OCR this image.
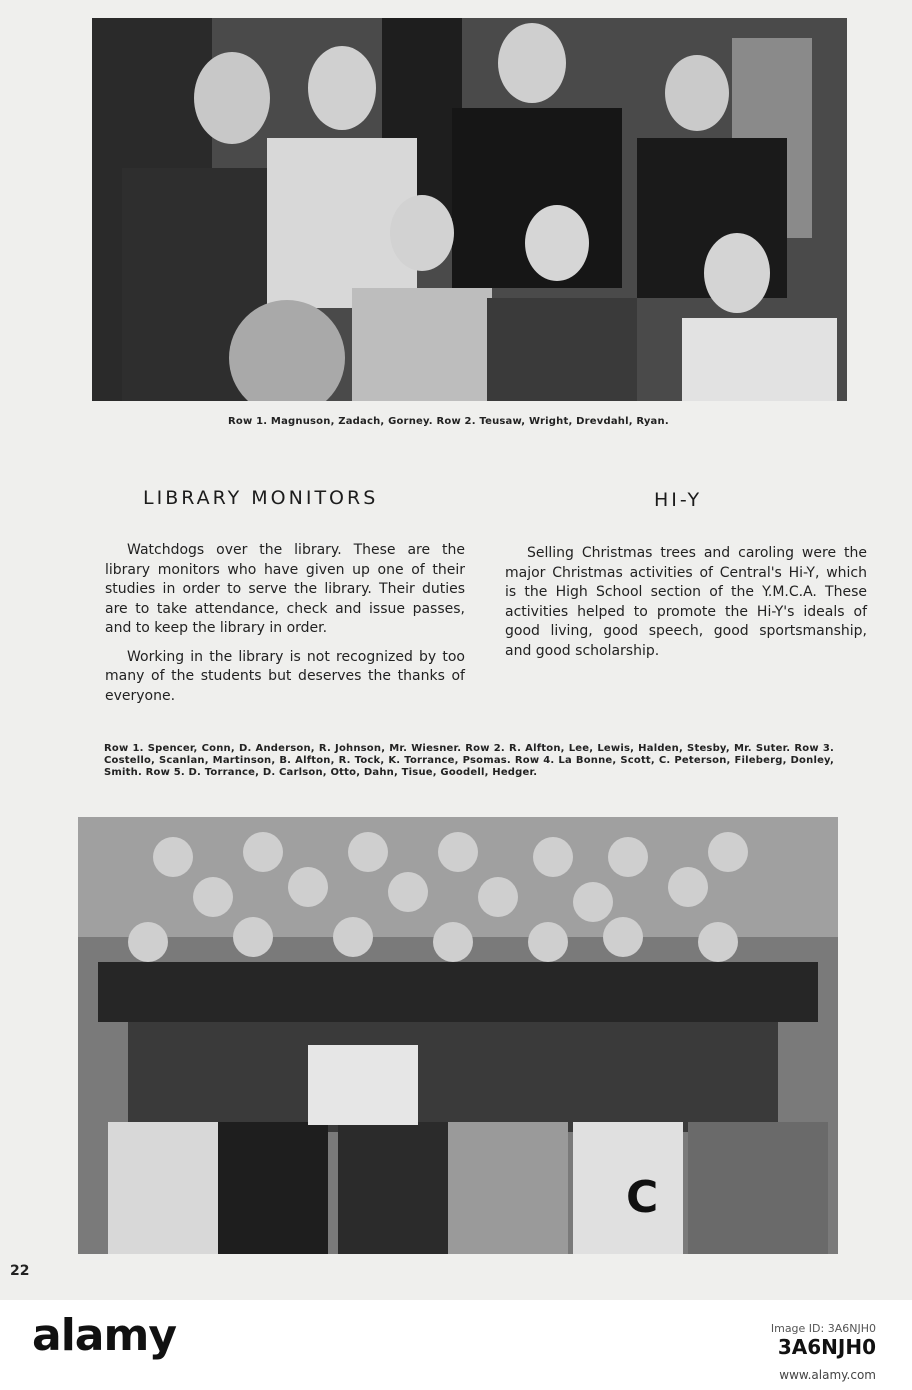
Row 1. Magnuson, Zadach, Gorney. Row 2. Teusaw, Wright, Drevdahl, Ryan.
LIBRARY MONITORS	HI-Y

Watchdogs over the library. These are the library monitors who have given up one of their studies in order to serve the library. Their duties are to take attendance, check and issue passes, and to keep the library in order.

Working in the library is not recognized by too many of the students but deserves the thanks of everyone.

Selling Christmas trees and caroling were the major Christmas activities of Central's Hi-Y, which is the High School section of the Y.M.C.A. These activities helped to promote the Hi-Y's ideals of good living, good speech, good sportsmanship, and good scholarship.

Row 1. Spencer, Conn, D. Anderson, R. Johnson, Mr. Wiesner. Row 2. R. Alfton, Lee, Lewis, Halden, Stesby, Mr. Suter. Row 3. Costello, Scanlan, Martinson, B. Alfton, R. Tock, K. Torrance, Psomas. Row 4. La Bonne, Scott, C. Peterson, Fileberg, Donley, Smith. Row 5. D. Torrance, D. Carlson, Otto, Dahn, Tisue, Goodell, Hedger.
C
22
alamy	Image ID: 3A6NJH0
3A6NJH0
www.alamy.com
